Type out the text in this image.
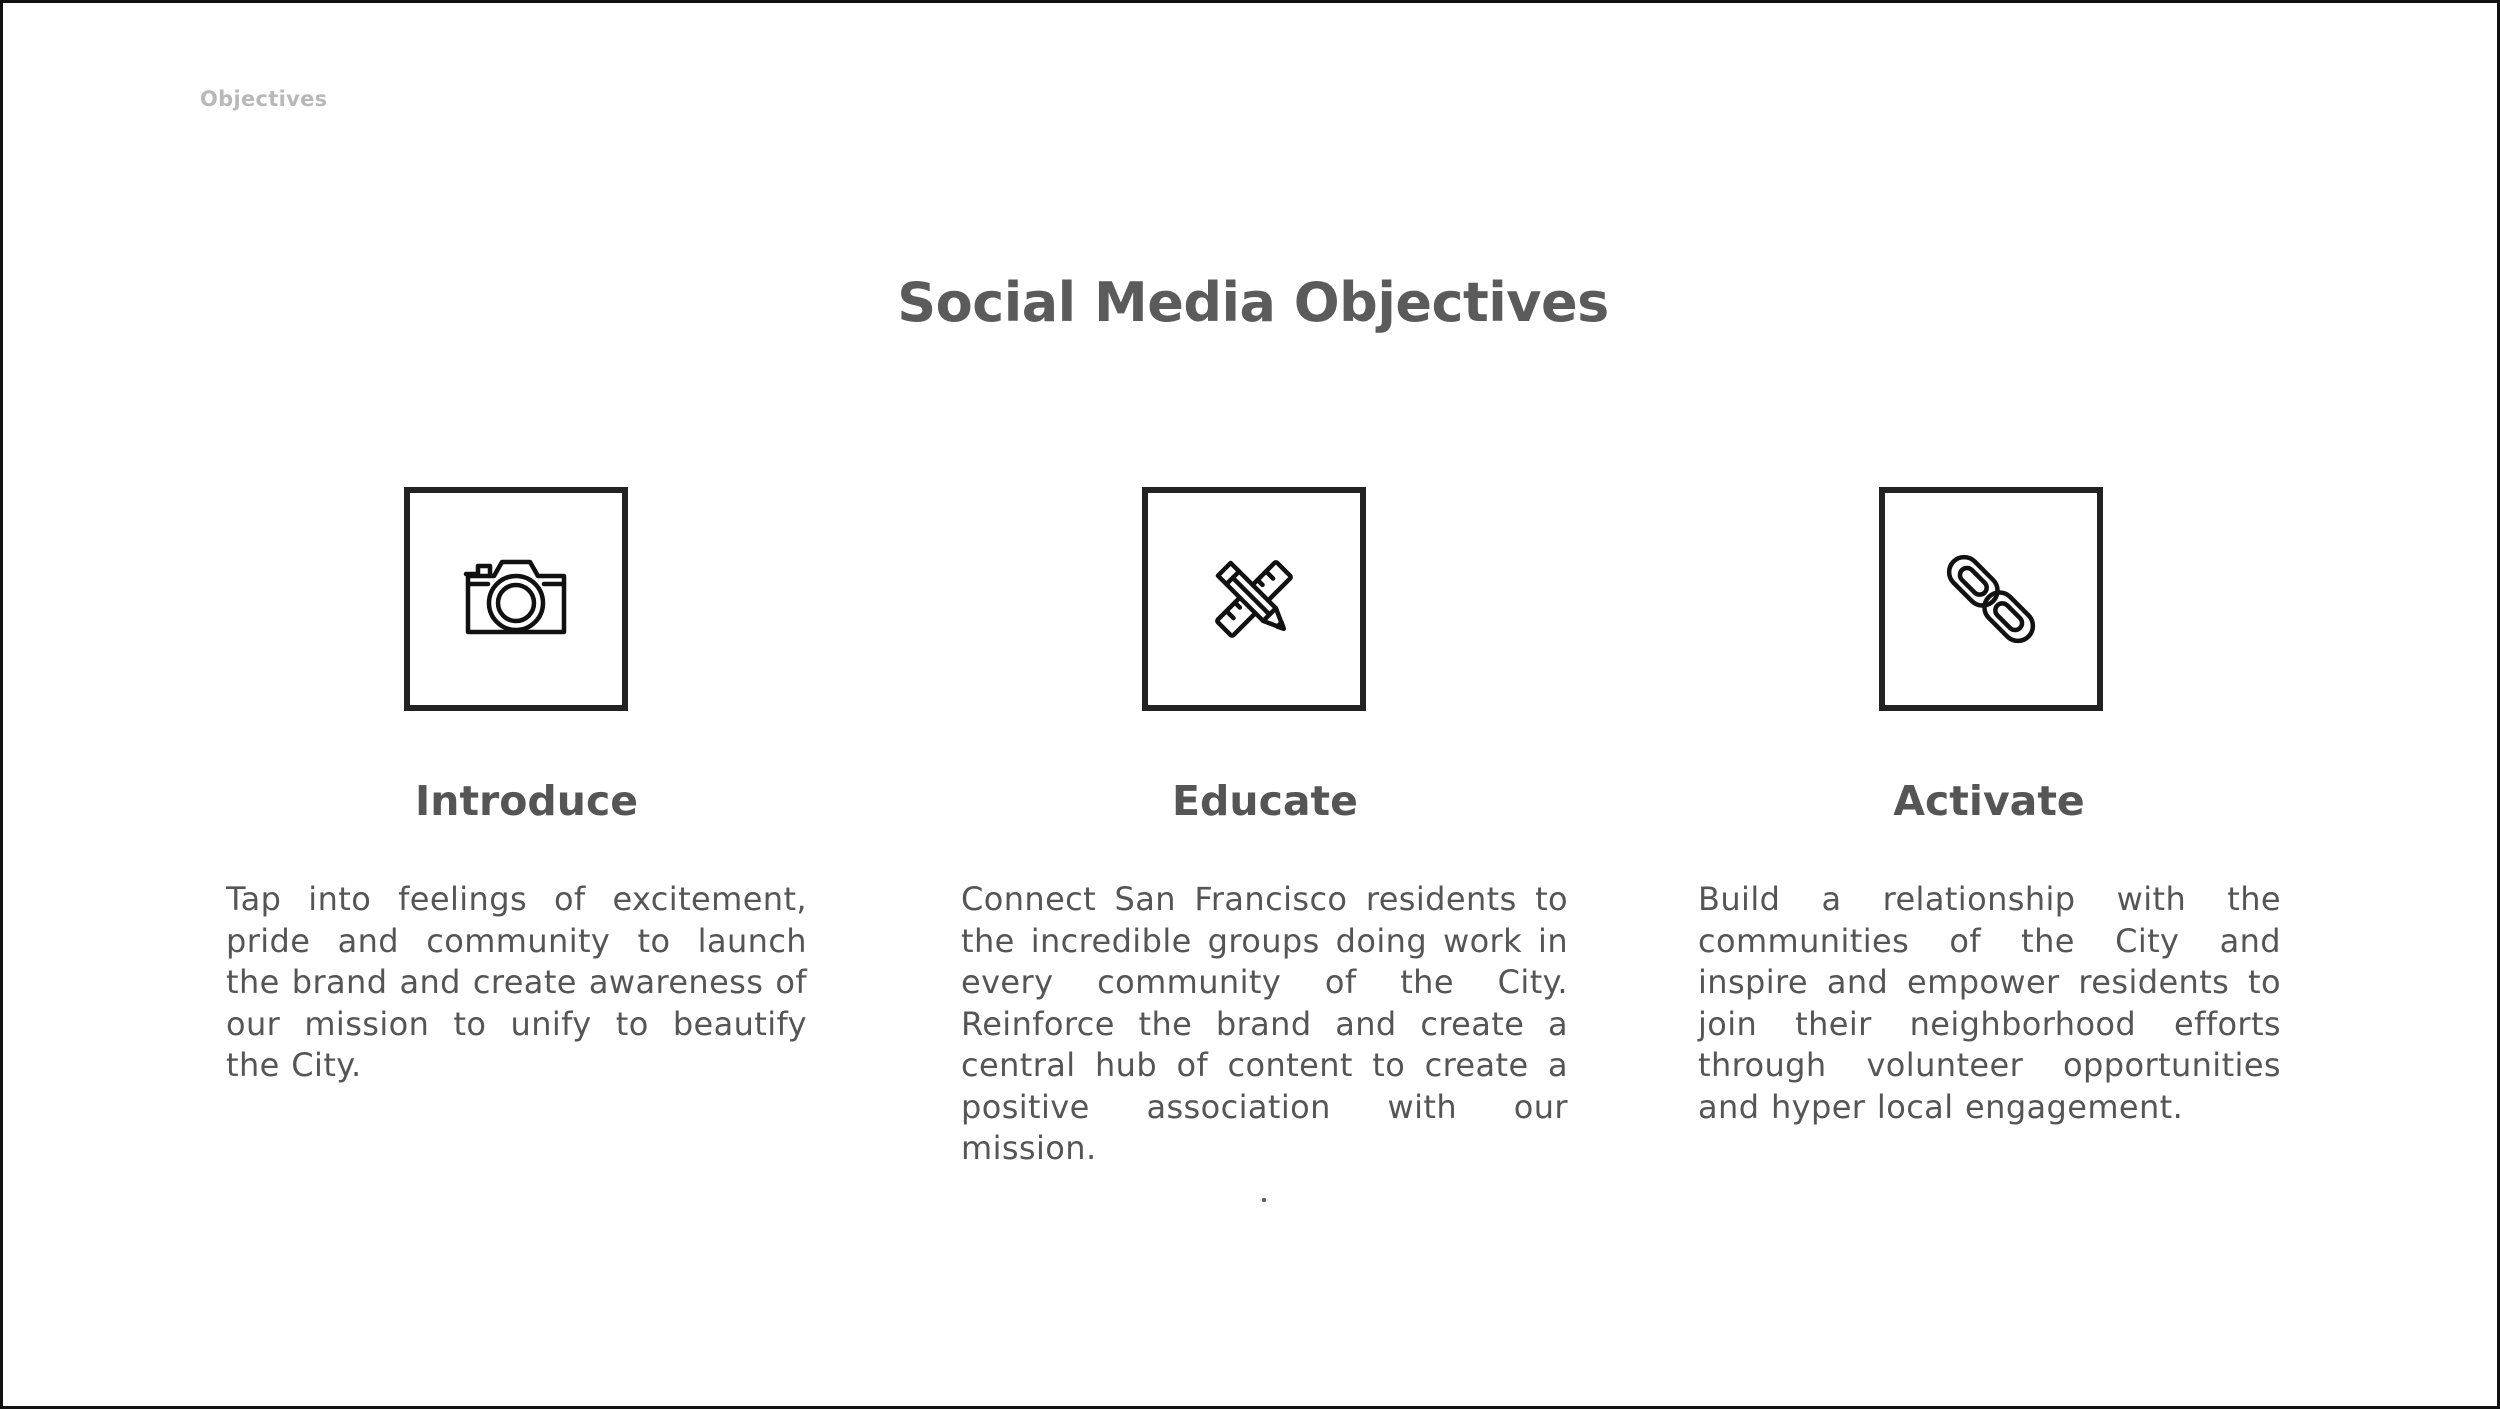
Objectives
Social Media Objectives
Introduce
Tap into feelings of excitement, pride and community to launch the brand and create awareness of our mission to unify to beautify the City.
Educate
Connect San Francisco residents to the incredible groups doing work in every community of the City. Reinforce the brand and create a central hub of content to create a positive association with our mission.
Activate
Build a relationship with the communities of the City and inspire and empower residents to join their neighborhood efforts through volunteer opportunities and hyper local engagement.
